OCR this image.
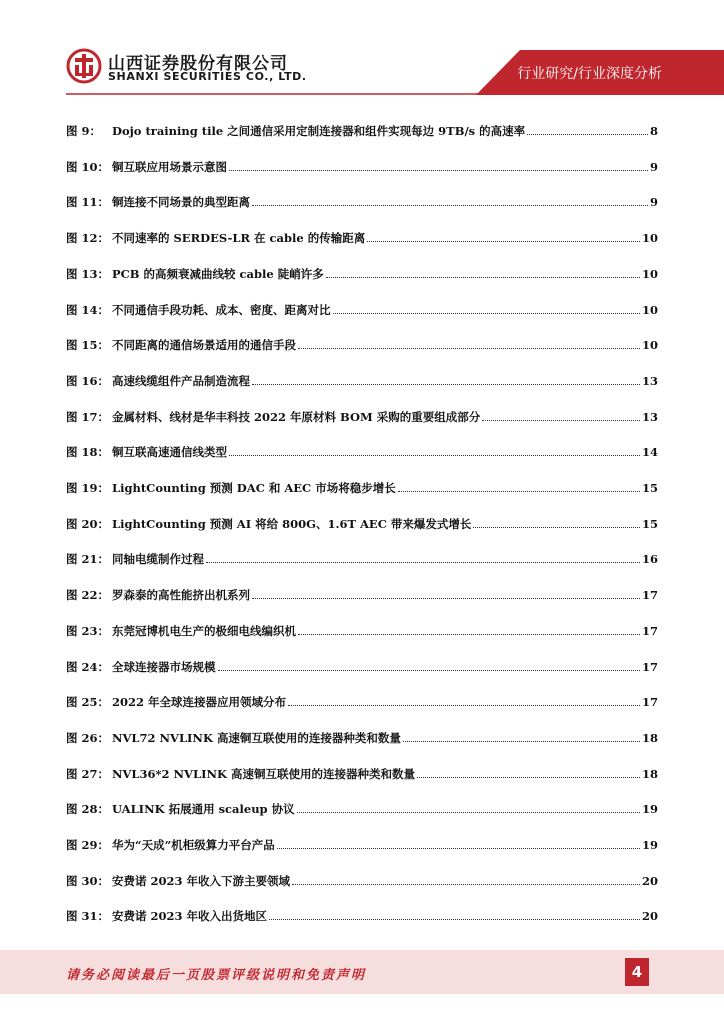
山西证券股份有限公司
SHANXI SECURITIES CO., LTD.	行业研究/行业深度分析
图 9： Dojo training tile 之间通信采用定制连接器和组件实现每边 9TB/s 的高速率	8
图 10： 铜互联应用场景示意图	9
图 11： 铜连接不同场景的典型距离	9
图 12： 不同速率的 SERDES-LR 在 cable 的传输距离	10
图 13： PCB 的高频衰减曲线较 cable 陡峭许多	10
图 14： 不同通信手段功耗、成本、密度、距离对比	10
图 15： 不同距离的通信场景适用的通信手段	10
图 16： 高速线缆组件产品制造流程	13
图 17： 金属材料、线材是华丰科技 2022 年原材料 BOM 采购的重要组成部分	13
图 18： 铜互联高速通信线类型	14
图 19： LightCounting 预测 DAC 和 AEC 市场将稳步增长	15
图 20： LightCounting 预测 AI 将给 800G、1.6T AEC 带来爆发式增长	15
图 21： 同轴电缆制作过程	16
图 22： 罗森泰的高性能挤出机系列	17
图 23： 东莞冠博机电生产的极细电线编织机	17
图 24： 全球连接器市场规模	17
图 25： 2022 年全球连接器应用领域分布	17
图 26： NVL72 NVLINK 高速铜互联使用的连接器种类和数量	18
图 27： NVL36*2 NVLINK 高速铜互联使用的连接器种类和数量	18
图 28： UALINK 拓展通用 scaleup 协议	19
图 29： 华为“天成”机柜级算力平台产品	19
图 30： 安费诺 2023 年收入下游主要领域	20
图 31： 安费诺 2023 年收入出货地区	20
请务必阅读最后一页股票评级说明和免责声明	4
